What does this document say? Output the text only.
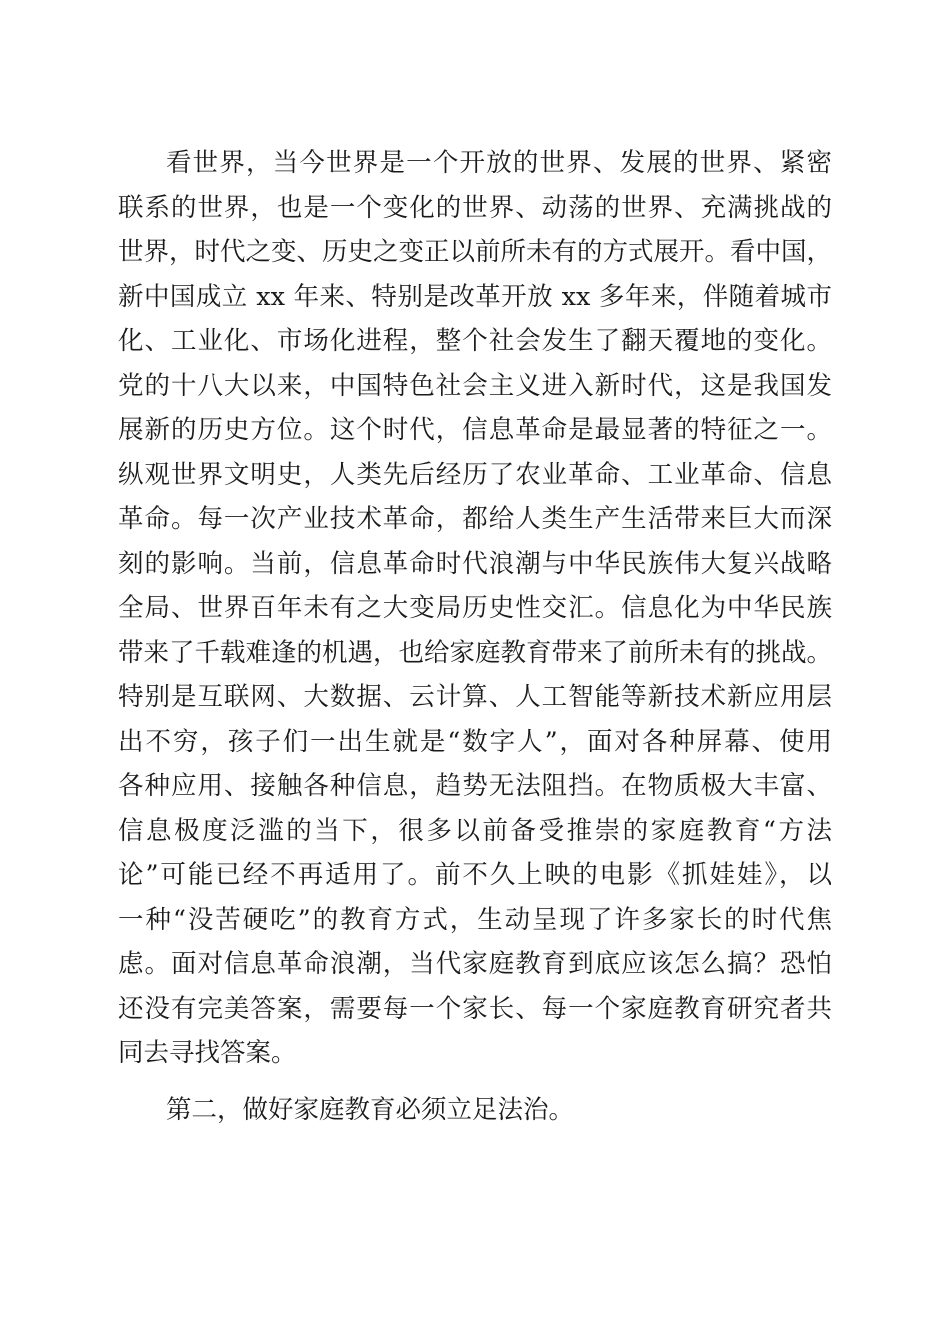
看世界，当今世界是一个开放的世界、发展的世界、紧密
联系的世界，也是一个变化的世界、动荡的世界、充满挑战的
世界，时代之变、历史之变正以前所未有的方式展开。看中国，
新中国成立 xx 年来、特别是改革开放 xx 多年来，伴随着城市
化、工业化、市场化进程，整个社会发生了翻天覆地的变化。
党的十八大以来，中国特色社会主义进入新时代，这是我国发
展新的历史方位。这个时代，信息革命是最显著的特征之一。
纵观世界文明史，人类先后经历了农业革命、工业革命、信息
革命。每一次产业技术革命，都给人类生产生活带来巨大而深
刻的影响。当前，信息革命时代浪潮与中华民族伟大复兴战略
全局、世界百年未有之大变局历史性交汇。信息化为中华民族
带来了千载难逢的机遇，也给家庭教育带来了前所未有的挑战。
特别是互联网、大数据、云计算、人工智能等新技术新应用层
出不穷，孩子们一出生就是“数字人”，面对各种屏幕、使用
各种应用、接触各种信息，趋势无法阻挡。在物质极大丰富、
信息极度泛滥的当下，很多以前备受推崇的家庭教育“方法
论”可能已经不再适用了。前不久上映的电影《抓娃娃》，以
一种“没苦硬吃”的教育方式，生动呈现了许多家长的时代焦
虑。面对信息革命浪潮，当代家庭教育到底应该怎么搞？恐怕
还没有完美答案，需要每一个家长、每一个家庭教育研究者共
同去寻找答案。
第二，做好家庭教育必须立足法治。
